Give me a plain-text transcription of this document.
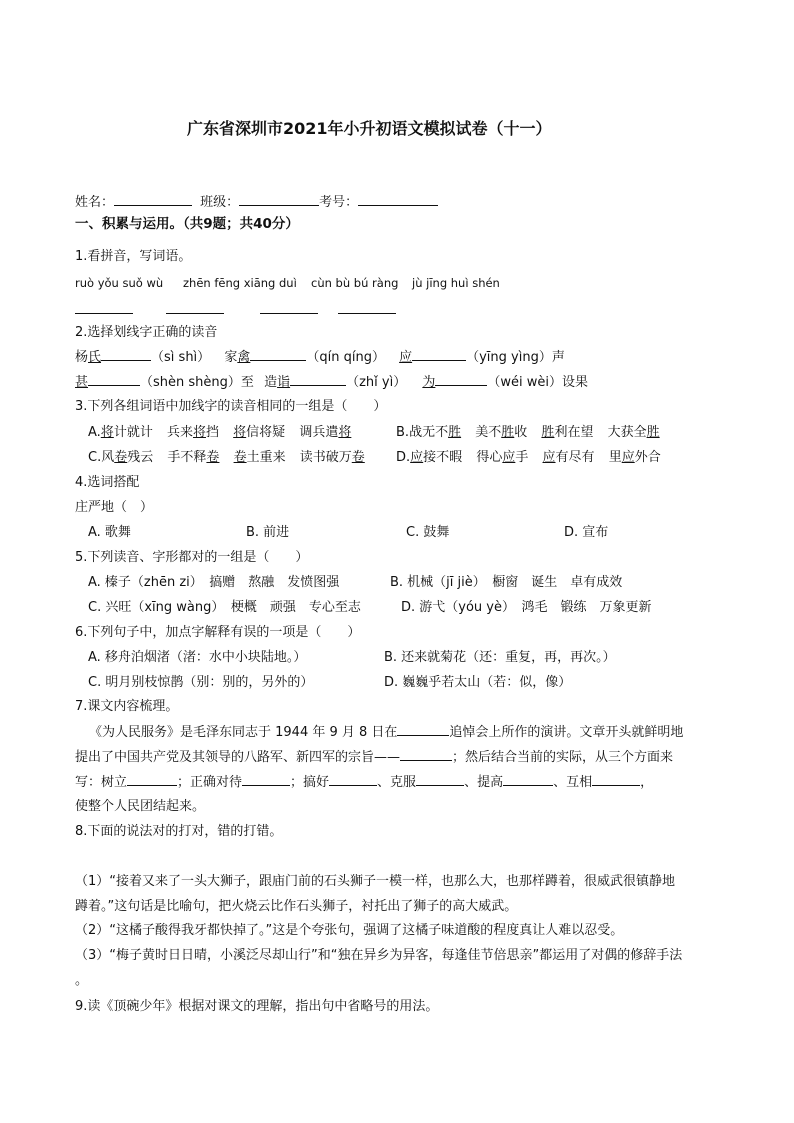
广东省深圳市2021年小升初语文模拟试卷（十一）
姓名：	班级：	考号：
一、积累与运用。（共9题；共40分）
1.看拼音，写词语。
ruò yǒu suǒ wù zhēn fēng xiāng duì cùn bù bú ràng jù jīng huì shén
2.选择划线字正确的读音
杨氏	（sì shì） 家禽	（qín qíng） 应	（yīng yìng）声
甚	（shèn shèng）至 造诣	（zhǐ yì） 为	（wéi wèi）设果
3.下列各组词语中加线字的读音相同的一组是（　　）
A.将计就计 兵来将挡 将信将疑 调兵遣将	B.战无不胜 美不胜收 胜利在望 大获全胜
C.风卷残云 手不释卷 卷土重来 读书破万卷 D.应接不暇 得心应手 应有尽有 里应外合
4.选词搭配
庄严地（　）
A. 歌舞	B. 前进	C. 鼓舞	D. 宣布
5.下列读音、字形都对的一组是（　　）
A. 榛子（zhēn zi）　搞赠　熬融　发愤图强	B. 机械（jī jiè）　橱窗　诞生　卓有成效
C. 兴旺（xīng wàng）　梗概　顽强　专心至志	D. 游弋（yóu yè）　鸿毛　锻练　万象更新
6.下列句子中，加点字解释有误的一项是（　　）
A. 移舟泊烟渚（渚：水中小块陆地。）	B. 还来就菊花（还：重复，再，再次。）
C. 明月别枝惊鹊（别：别的，另外的）	D. 巍巍乎若太山（若：似，像）
7.课文内容梳理。
《为人民服务》是毛泽东同志于 1944 年 9 月 8 日在	追悼会上所作的演讲。文章开头就鲜明地
提出了中国共产党及其领导的八路军、新四军的宗旨——	；然后结合当前的实际，从三个方面来
写：树立	；正确对待	；搞好	、克服	、提高	、互相	，
使整个人民团结起来。
8.下面的说法对的打对，错的打错。
（1）“接着又来了一头大狮子，跟庙门前的石头狮子一模一样，也那么大，也那样蹲着，很威武很镇静地
蹲着。”这句话是比喻句，把火烧云比作石头狮子，衬托出了狮子的高大威武。
（2）“这橘子酸得我牙都快掉了。”这是个夸张句，强调了这橘子味道酸的程度真让人难以忍受。
（3）“梅子黄时日日晴，小溪泛尽却山行”和“独在异乡为异客，每逢佳节倍思亲”都运用了对偶的修辞手法
。
9.读《顶碗少年》根据对课文的理解，指出句中省略号的用法。
